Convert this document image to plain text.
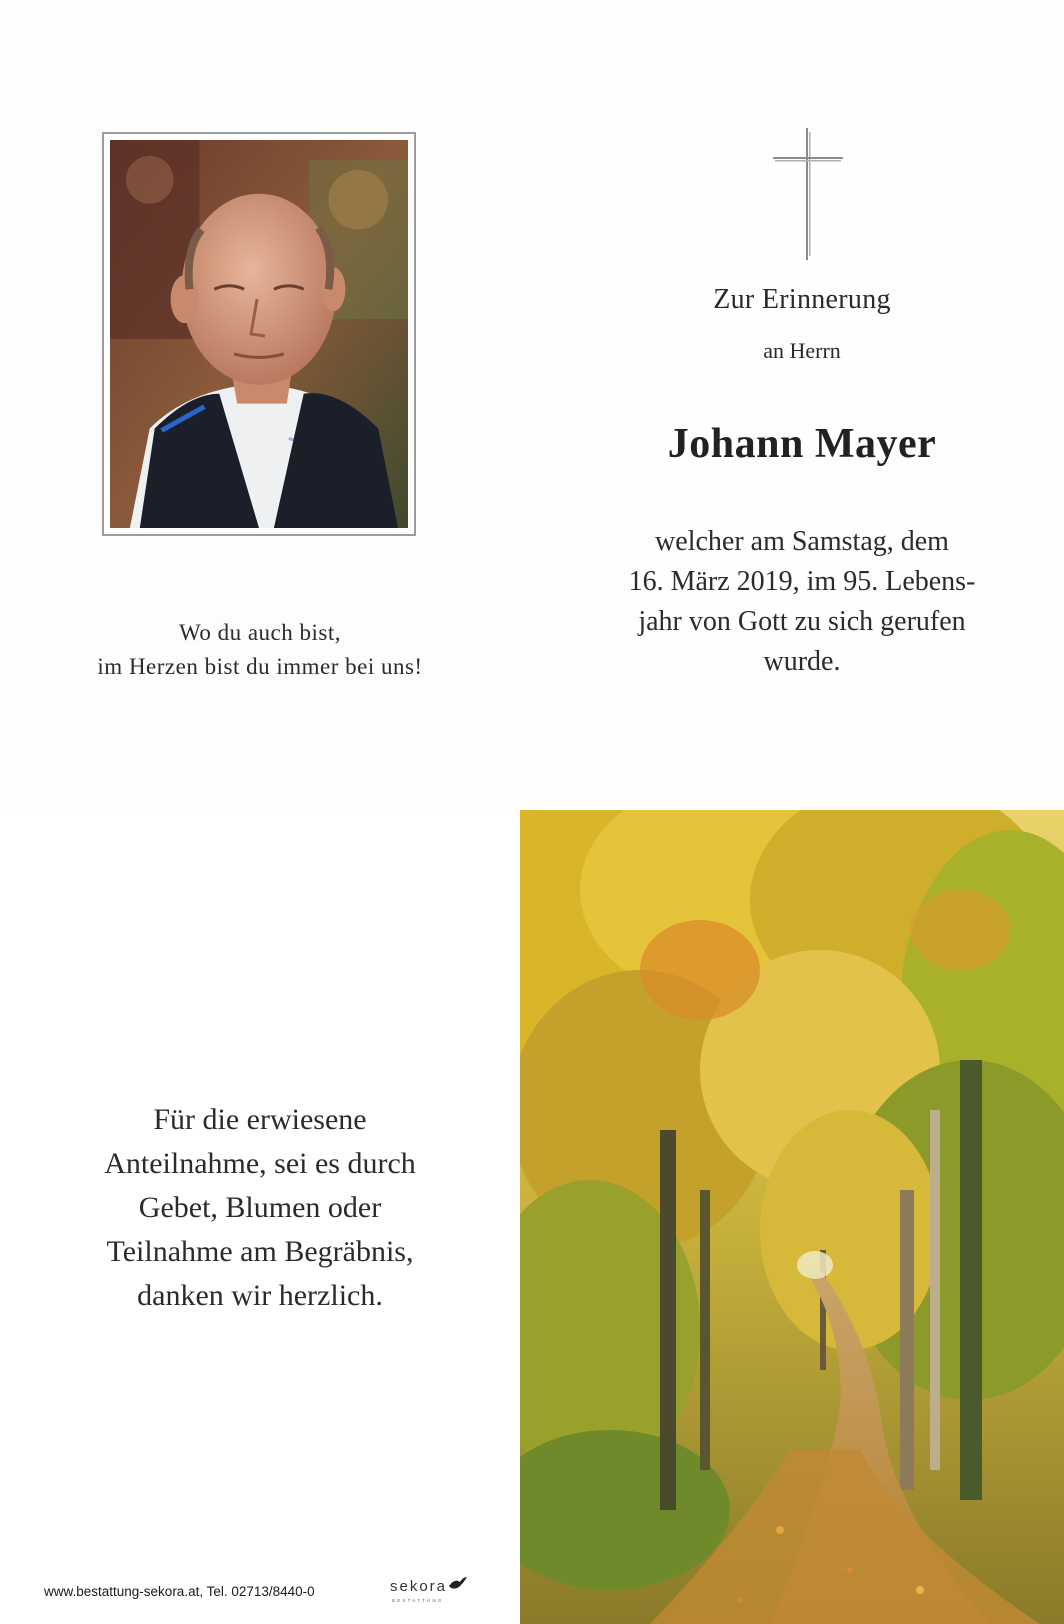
Wo du auch bist,
im Herzen bist du immer bei uns!
Zur Erinnerung
an Herrn
Johann Mayer
welcher am Samstag, dem
16. März 2019, im 95. Lebens-
jahr von Gott zu sich gerufen
wurde.
Für die erwiesene
Anteilnahme, sei es durch
Gebet, Blumen oder
Teilnahme am Begräbnis,
danken wir herzlich.
www.bestattung-sekora.at, Tel. 02713/8440-0	sekora
BESTATTUNG
